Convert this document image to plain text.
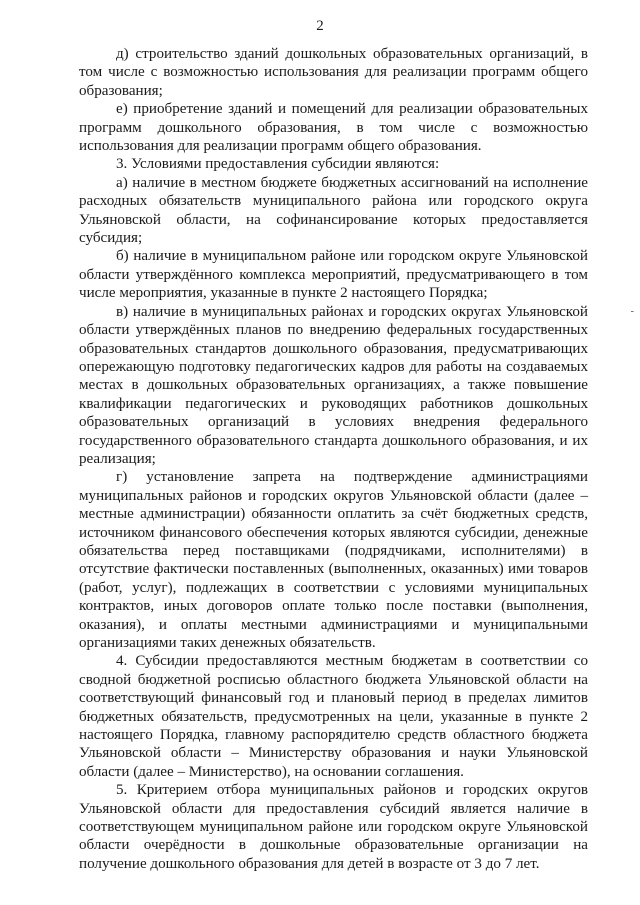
2

д) строительство зданий дошкольных образовательных организаций, в том числе с возможностью использования для реализации программ общего образования;

е) приобретение зданий и помещений для реализации образовательных программ дошкольного образования, в том числе с возможностью использования для реализации программ общего образования.

3. Условиями предоставления субсидии являются:

а) наличие в местном бюджете бюджетных ассигнований на исполнение расходных обязательств муниципального района или городского округа Ульяновской области, на софинансирование которых предоставляется субсидия;

б) наличие в муниципальном районе или городском округе Ульяновской области утверждённого комплекса мероприятий, предусматривающего в том числе мероприятия, указанные в пункте 2 настоящего Порядка;

в) наличие в муниципальных районах и городских округах Ульяновской области утверждённых планов по внедрению федеральных государственных образовательных стандартов дошкольного образования, предусматривающих опережающую подготовку педагогических кадров для работы на создаваемых местах в дошкольных образовательных организациях, а также повышение квалификации педагогических и руководящих работников дошкольных образовательных организаций в условиях внедрения федерального государственного образовательного стандарта дошкольного образования, и их реализация;

г) установление запрета на подтверждение администрациями муниципальных районов и городских округов Ульяновской области (далее – местные администрации) обязанности оплатить за счёт бюджетных средств, источником финансового обеспечения которых являются субсидии, денежные обязательства перед поставщиками (подрядчиками, исполнителями) в отсутствие фактически поставленных (выполненных, оказанных) ими товаров (работ, услуг), подлежащих в соответствии с условиями муниципальных контрактов, иных договоров оплате только после поставки (выполнения, оказания), и оплаты местными администрациями и муниципальными организациями таких денежных обязательств.

4. Субсидии предоставляются местным бюджетам в соответствии со сводной бюджетной росписью областного бюджета Ульяновской области на соответствующий финансовый год и плановый период в пределах лимитов бюджетных обязательств, предусмотренных на цели, указанные в пункте 2 настоящего Порядка, главному распорядителю средств областного бюджета Ульяновской области – Министерству образования и науки Ульяновской области (далее – Министерство), на основании соглашения.

5. Критерием отбора муниципальных районов и городских округов Ульяновской области для предоставления субсидий является наличие в соответствующем муниципальном районе или городском округе Ульяновской области очерёдности в дошкольные образовательные организации на получение дошкольного образования для детей в возрасте от 3 до 7 лет.

-
